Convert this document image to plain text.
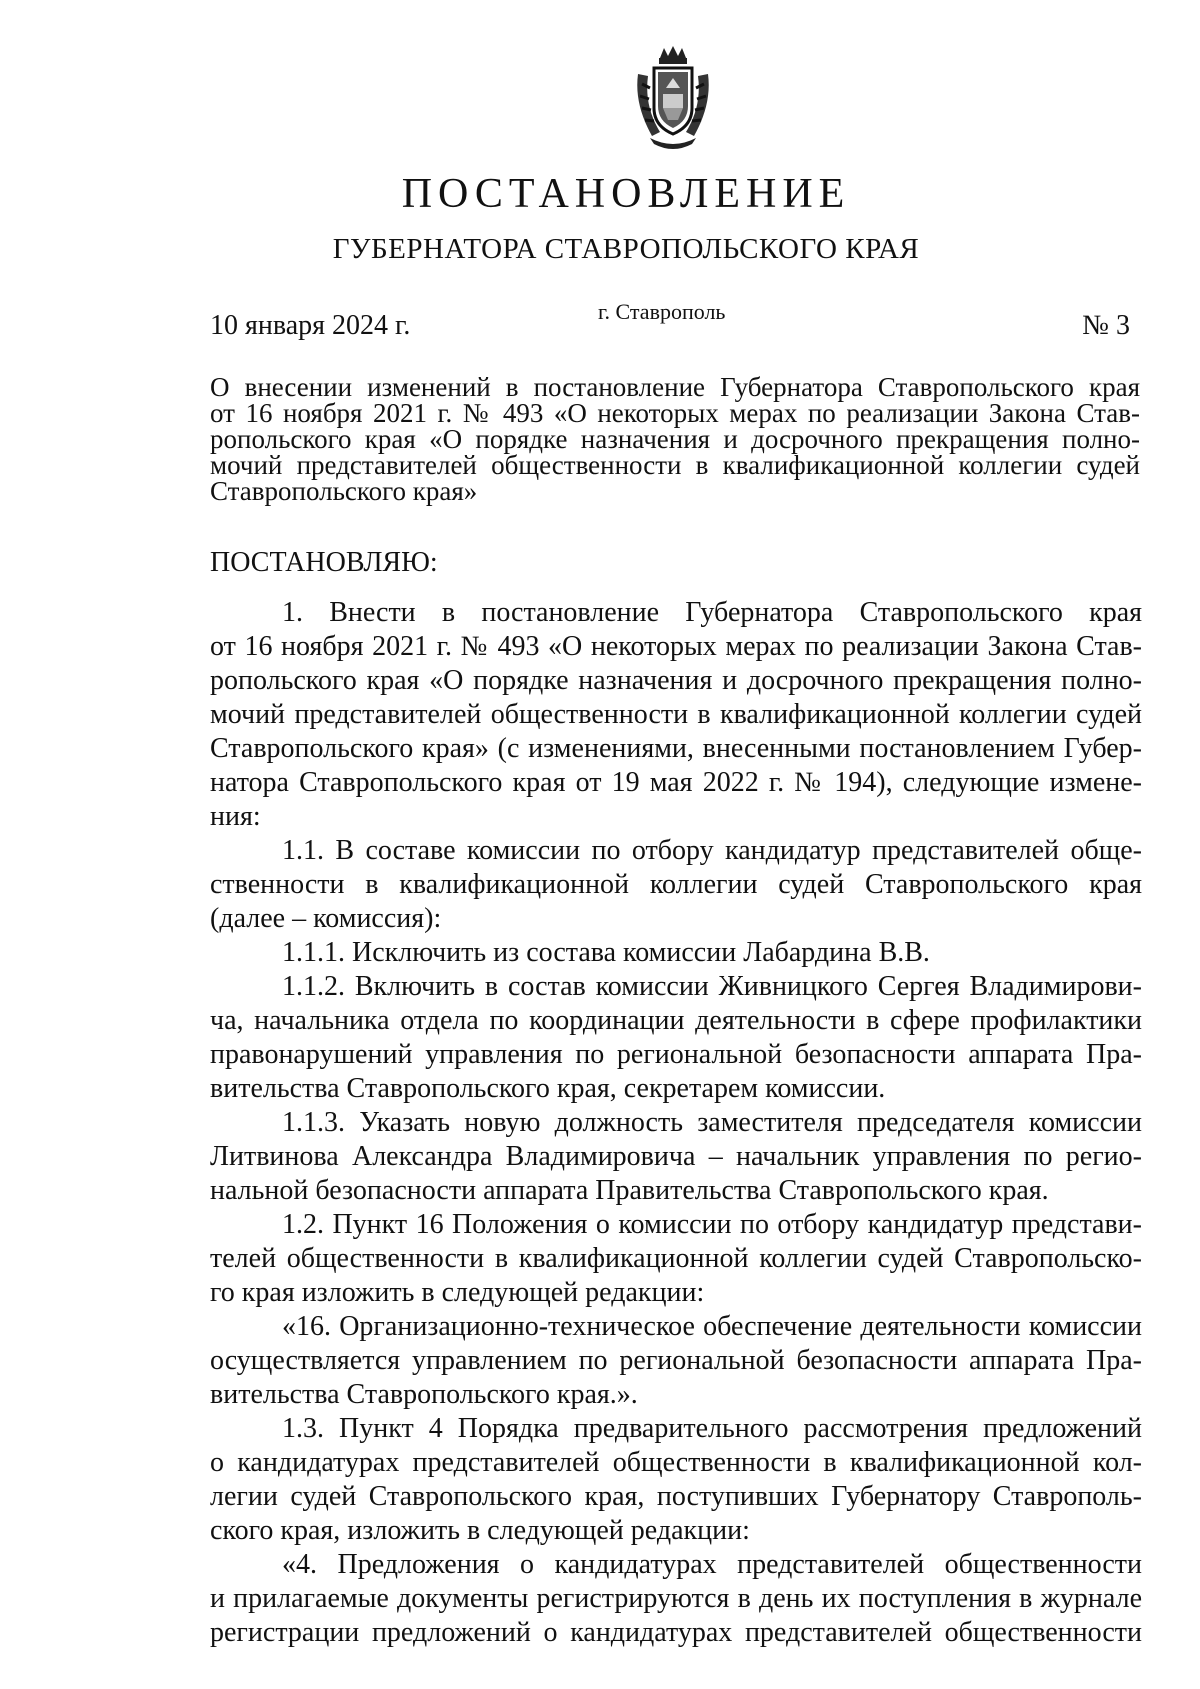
ПОСТАНОВЛЕНИЕ
ГУБЕРНАТОРА СТАВРОПОЛЬСКОГО КРАЯ
10 января 2024 г.	г. Ставрополь	№ 3
О внесении изменений в постановление Губернатора Ставропольского края
от 16 ноября 2021 г. № 493 «О некоторых мерах по реализации Закона Став-
ропольского края «О порядке назначения и досрочного прекращения полно-
мочий представителей общественности в квалификационной коллегии судей
Ставропольского края»
ПОСТАНОВЛЯЮ:
1. Внести в постановление Губернатора Ставропольского края
от 16 ноября 2021 г. № 493 «О некоторых мерах по реализации Закона Став-
ропольского края «О порядке назначения и досрочного прекращения полно-
мочий представителей общественности в квалификационной коллегии судей
Ставропольского края» (с изменениями, внесенными постановлением Губер-
натора Ставропольского края от 19 мая 2022 г. № 194), следующие измене-
ния:
1.1. В составе комиссии по отбору кандидатур представителей обще-
ственности в квалификационной коллегии судей Ставропольского края
(далее – комиссия):
1.1.1. Исключить из состава комиссии Лабардина В.В.
1.1.2. Включить в состав комиссии Живницкого Сергея Владимирови-
ча, начальника отдела по координации деятельности в сфере профилактики
правонарушений управления по региональной безопасности аппарата Пра-
вительства Ставропольского края, секретарем комиссии.
1.1.3. Указать новую должность заместителя председателя комиссии
Литвинова Александра Владимировича – начальник управления по регио-
нальной безопасности аппарата Правительства Ставропольского края.
1.2. Пункт 16 Положения о комиссии по отбору кандидатур представи-
телей общественности в квалификационной коллегии судей Ставропольско-
го края изложить в следующей редакции:
«16. Организационно-техническое обеспечение деятельности комиссии
осуществляется управлением по региональной безопасности аппарата Пра-
вительства Ставропольского края.».
1.3. Пункт 4 Порядка предварительного рассмотрения предложений
о кандидатурах представителей общественности в квалификационной кол-
легии судей Ставропольского края, поступивших Губернатору Ставрополь-
ского края, изложить в следующей редакции:
«4. Предложения о кандидатурах представителей общественности
и прилагаемые документы регистрируются в день их поступления в журнале
регистрации предложений о кандидатурах представителей общественности
